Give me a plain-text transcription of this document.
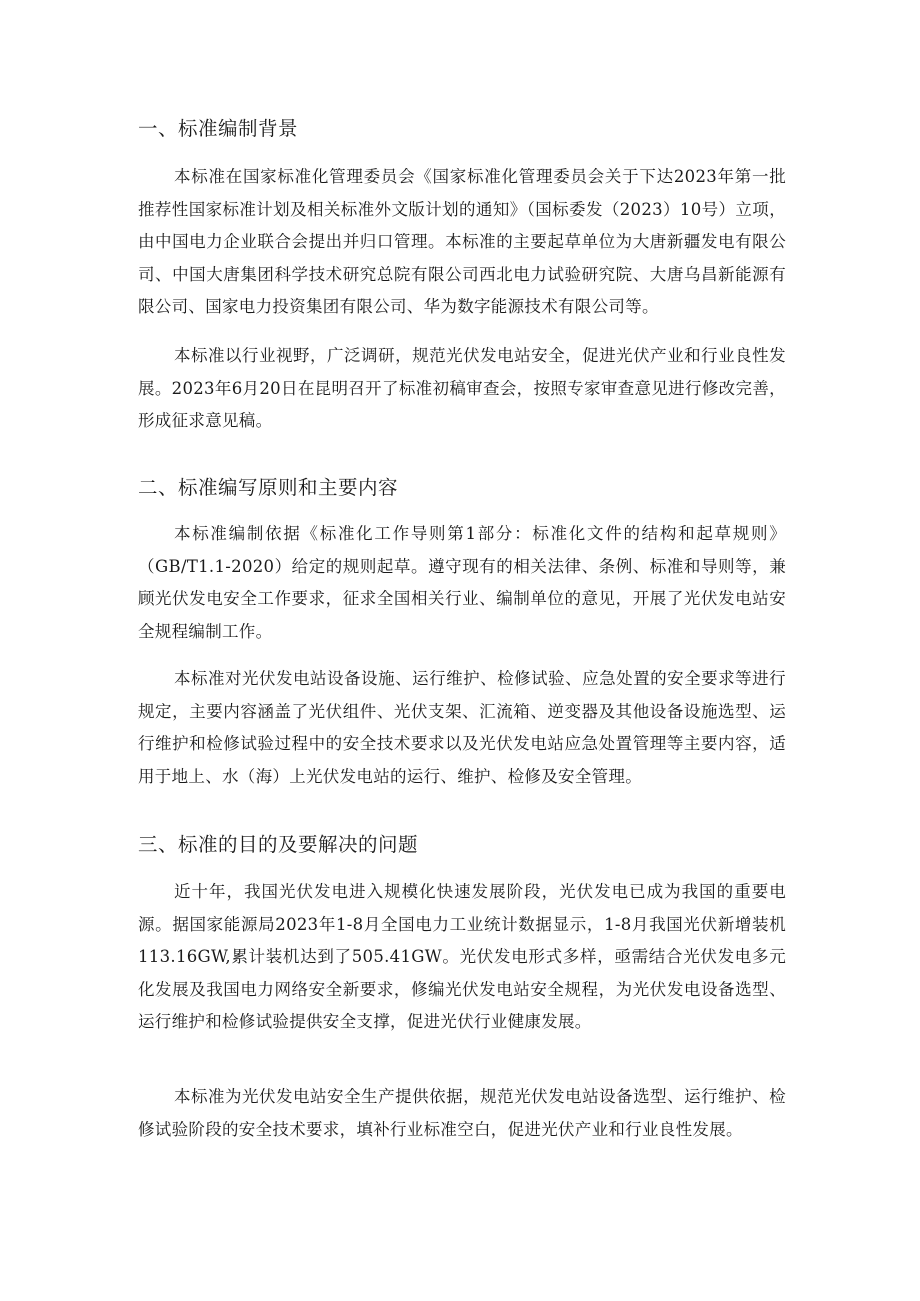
一、标准编制背景

本标准在国家标准化管理委员会《国家标准化管理委员会关于下达2023年第一批推荐性国家标准计划及相关标准外文版计划的通知》（国标委发（2023）10号）立项，由中国电力企业联合会提出并归口管理。本标准的主要起草单位为大唐新疆发电有限公司、中国大唐集团科学技术研究总院有限公司西北电力试验研究院、大唐乌昌新能源有限公司、国家电力投资集团有限公司、华为数字能源技术有限公司等。

本标准以行业视野，广泛调研，规范光伏发电站安全，促进光伏产业和行业良性发展。2023年6月20日在昆明召开了标准初稿审查会，按照专家审查意见进行修改完善，形成征求意见稿。

二、标准编写原则和主要内容

本标准编制依据《标准化工作导则第1部分：标准化文件的结构和起草规则》（GB/T1.1-2020）给定的规则起草。遵守现有的相关法律、条例、标准和导则等，兼顾光伏发电安全工作要求，征求全国相关行业、编制单位的意见，开展了光伏发电站安全规程编制工作。

本标准对光伏发电站设备设施、运行维护、检修试验、应急处置的安全要求等进行规定，主要内容涵盖了光伏组件、光伏支架、汇流箱、逆变器及其他设备设施选型、运行维护和检修试验过程中的安全技术要求以及光伏发电站应急处置管理等主要内容，适用于地上、水（海）上光伏发电站的运行、维护、检修及安全管理。

三、标准的目的及要解决的问题

近十年，我国光伏发电进入规模化快速发展阶段，光伏发电已成为我国的重要电源。据国家能源局2023年1-8月全国电力工业统计数据显示，1-8月我国光伏新增装机113.16GW,累计装机达到了505.41GW。光伏发电形式多样，亟需结合光伏发电多元化发展及我国电力网络安全新要求，修编光伏发电站安全规程，为光伏发电设备选型、运行维护和检修试验提供安全支撑，促进光伏行业健康发展。

本标准为光伏发电站安全生产提供依据，规范光伏发电站设备选型、运行维护、检修试验阶段的安全技术要求，填补行业标准空白，促进光伏产业和行业良性发展。
